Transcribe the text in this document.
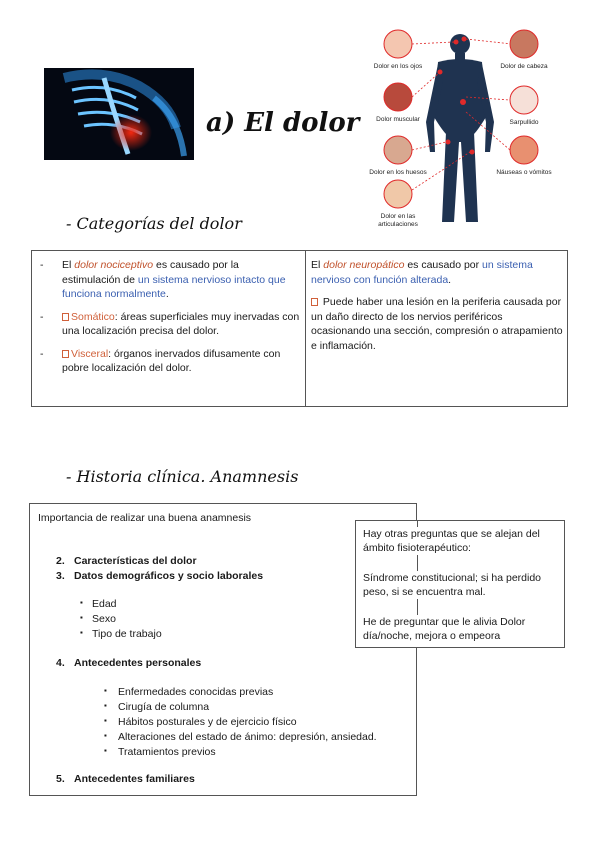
a) El dolor
Dolor en los ojos	Dolor de cabeza
Dolor muscular	Sarpullido
Dolor en los huesos	Náuseas o vómitos
Dolor en las
articulaciones
- Categorías del dolor
- El dolor nociceptivo es causado por la estimulación de un sistema nervioso intacto que funciona normalmente.
-	Somático: áreas superficiales muy inervadas con una localización precisa del dolor.
-	Visceral: órganos inervados difusamente con pobre localización del dolor.
El dolor neuropático es causado por un sistema nervioso con función alterada.
Puede haber una lesión en la periferia causada por un daño directo de los nervios periféricos ocasionando una sección, compresión o atrapamiento e inflamación.
- Historia clínica. Anamnesis
Importancia de realizar una buena anamnesis
2. Características del dolor
3. Datos demográficos y socio laborales
▪ Edad
▪ Sexo
▪ Tipo de trabajo
4. Antecedentes personales
▪ Enfermedades conocidas previas
▪ Cirugía de columna
▪ Hábitos posturales y de ejercicio físico
▪ Alteraciones del estado de ánimo: depresión, ansiedad.
▪ Tratamientos previos
5. Antecedentes familiares

Hay otras preguntas que se alejan del ámbito fisioterapéutico:

Síndrome constitucional; si ha perdido peso, si se encuentra mal.

He de preguntar que le alivia Dolor día/noche, mejora o empeora
